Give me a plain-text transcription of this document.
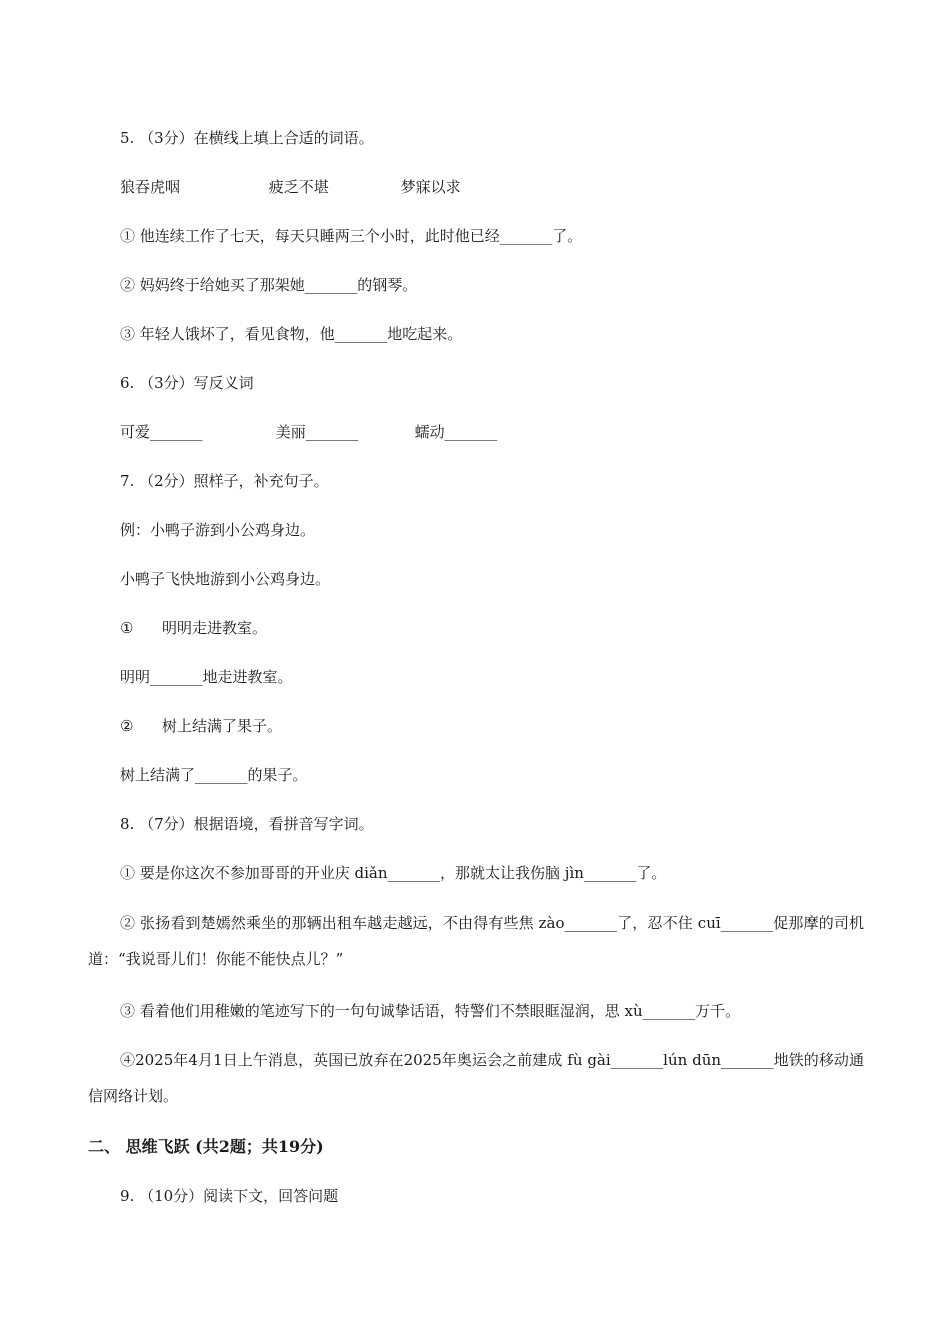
5. （3分）在横线上填上合适的词语。
狼吞虎咽	疲乏不堪	梦寐以求
① 他连续工作了七天，每天只睡两三个小时，此时他已经_______了。
② 妈妈终于给她买了那架她_______的钢琴。
③ 年轻人饿坏了，看见食物，他_______地吃起来。
6. （3分）写反义词
可爱_______	美丽_______	蠕动_______
7. （2分）照样子，补充句子。
例：小鸭子游到小公鸡身边。
小鸭子飞快地游到小公鸡身边。
① 明明走进教室。
明明_______地走进教室。
② 树上结满了果子。
树上结满了_______的果子。
8. （7分）根据语境，看拼音写字词。
① 要是你这次不参加哥哥的开业庆 diǎn_______，那就太让我伤脑 jìn_______了。
② 张扬看到楚嫣然乘坐的那辆出租车越走越远，不由得有些焦 zào_______了，忍不住 cuī_______促那摩的司机道：“我说哥儿们！你能不能快点儿？”
③ 看着他们用稚嫩的笔迹写下的一句句诚挚话语，特警们不禁眼眶湿润，思 xù_______万千。
④2025年4月1日上午消息，英国已放弃在2025年奥运会之前建成 fù gài_______lún dūn_______地铁的移动通信网络计划。
二、 思维飞跃 (共2题；共19分)
9. （10分）阅读下文，回答问题
